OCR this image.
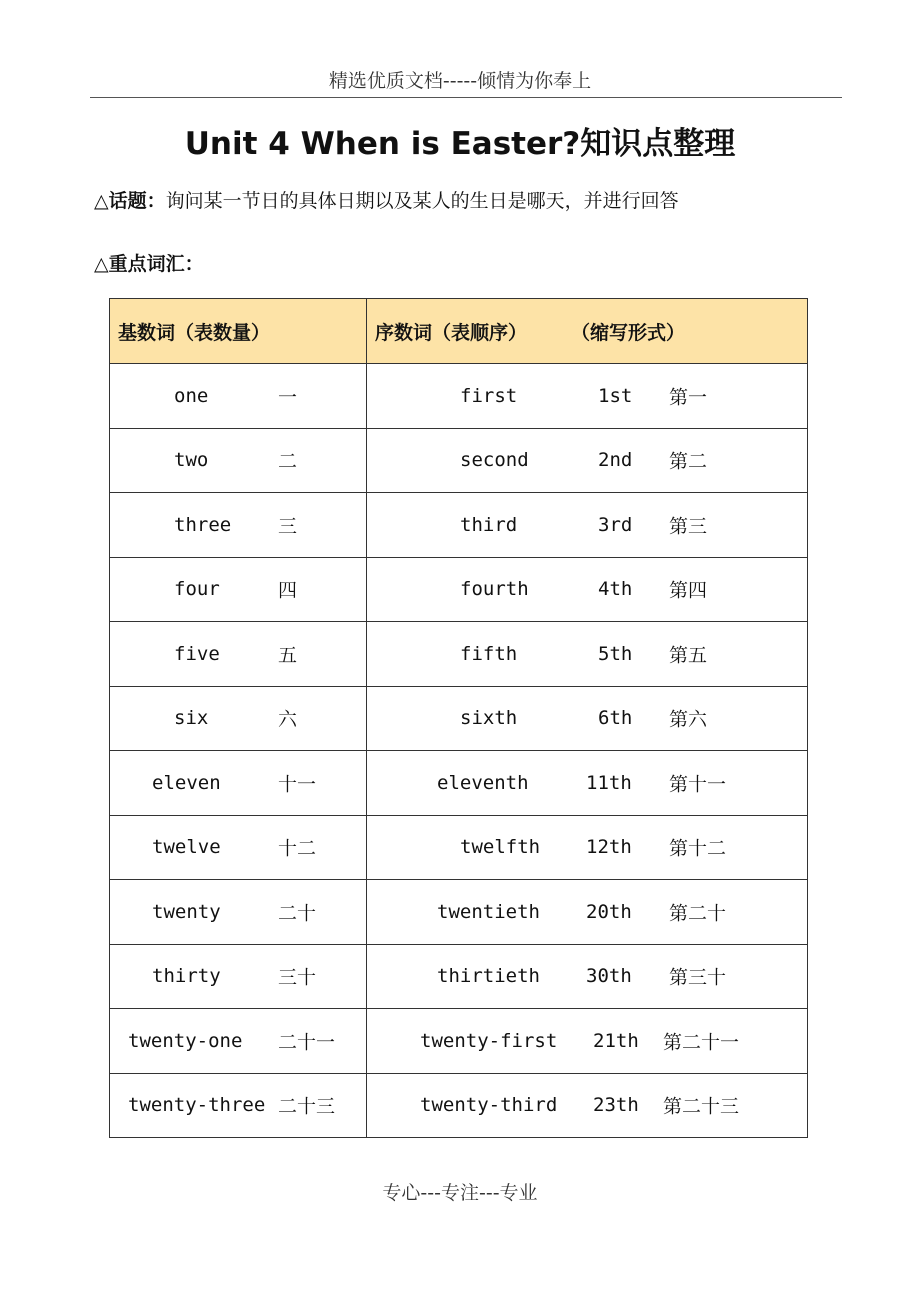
精选优质文档-----倾情为你奉上
Unit 4 When is Easter?知识点整理
△话题：询问某一节日的具体日期以及某人的生日是哪天，并进行回答
△重点词汇：
基数词（表数量）	序数词（表顺序） （缩写形式）

one 一	first 1st 第一

two 二	second 2nd 第二

three 三	third 3rd 第三

four 四	fourth 4th 第四

five 五	fifth 5th 第五

six 六	sixth 6th 第六

eleven 十一	eleventh 11th 第十一

twelve 十二	twelfth 12th 第十二

twenty 二十	twentieth 20th 第二十

thirty 三十	thirtieth 30th 第三十

twenty-one 二十一	twenty-first 21th 第二十一

twenty-three 二十三	twenty-third 23th 第二十三
专心---专注---专业
